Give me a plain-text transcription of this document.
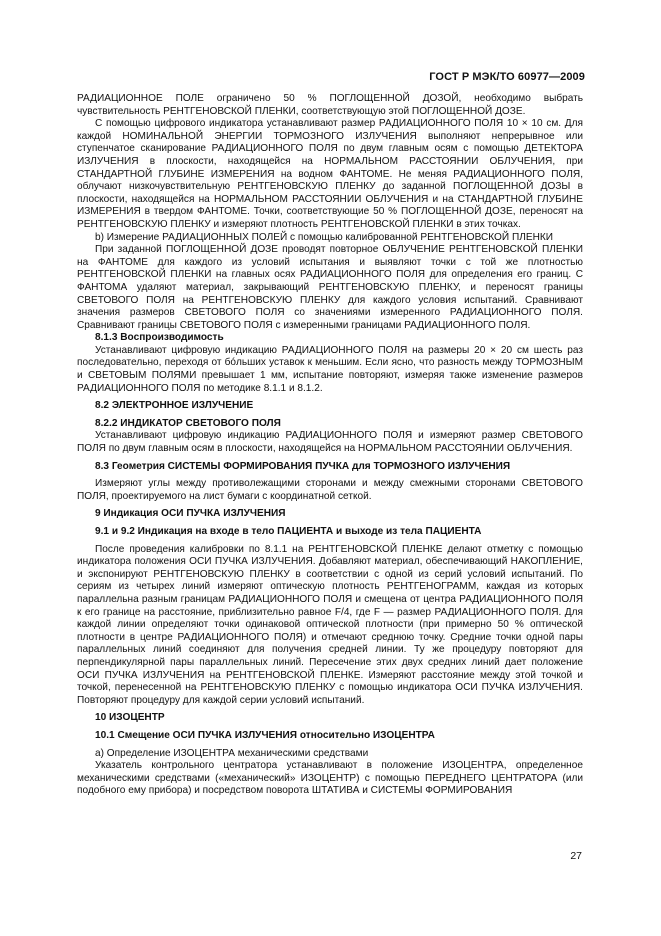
ГОСТ Р МЭК/ТО 60977—2009

РАДИАЦИОННОЕ ПОЛЕ ограничено 50 % ПОГЛОЩЕННОЙ ДОЗОЙ, необходимо выбрать чувствительность РЕНТГЕНОВСКОЙ ПЛЕНКИ, соответствующую этой ПОГЛОЩЕННОЙ ДОЗЕ.

С помощью цифрового индикатора устанавливают размер РАДИАЦИОННОГО ПОЛЯ 10 × 10 см. Для каждой НОМИНАЛЬНОЙ ЭНЕРГИИ ТОРМОЗНОГО ИЗЛУЧЕНИЯ выполняют непрерывное или ступенчатое сканирование РАДИАЦИОННОГО ПОЛЯ по двум главным осям с помощью ДЕТЕКТОРА ИЗЛУЧЕНИЯ в плоскости, находящейся на НОРМАЛЬНОМ РАССТОЯНИИ ОБЛУЧЕНИЯ, при СТАНДАРТНОЙ ГЛУБИНЕ ИЗМЕРЕНИЯ на водном ФАНТОМЕ. Не меняя РАДИАЦИОННОГО ПОЛЯ, облучают низкочувствительную РЕНТГЕНОВСКУЮ ПЛЕНКУ до заданной ПОГЛОЩЕННОЙ ДОЗЫ в плоскости, находящейся на НОРМАЛЬНОМ РАССТОЯНИИ ОБЛУЧЕНИЯ и на СТАНДАРТНОЙ ГЛУБИНЕ ИЗМЕРЕНИЯ в твердом ФАНТОМЕ. Точки, соответствующие 50 % ПОГЛОЩЕННОЙ ДОЗЕ, переносят на РЕНТГЕНОВСКУЮ ПЛЕНКУ и измеряют плотность РЕНТГЕНОВСКОЙ ПЛЕНКИ в этих точках.

b) Измерение РАДИАЦИОННЫХ ПОЛЕЙ с помощью калиброванной РЕНТГЕНОВСКОЙ ПЛЕНКИ

При заданной ПОГЛОЩЕННОЙ ДОЗЕ проводят повторное ОБЛУЧЕНИЕ РЕНТГЕНОВСКОЙ ПЛЕНКИ на ФАНТОМЕ для каждого из условий испытания и выявляют точки с той же плотностью РЕНТГЕНОВСКОЙ ПЛЕНКИ на главных осях РАДИАЦИОННОГО ПОЛЯ для определения его границ. С ФАНТОМА удаляют материал, закрывающий РЕНТГЕНОВСКУЮ ПЛЕНКУ, и переносят границы СВЕТОВОГО ПОЛЯ на РЕНТГЕНОВСКУЮ ПЛЕНКУ для каждого условия испытаний. Сравнивают значения размеров СВЕТОВОГО ПОЛЯ со значениями измеренного РАДИАЦИОННОГО ПОЛЯ. Сравнивают границы СВЕТОВОГО ПОЛЯ с измеренными границами РАДИАЦИОННОГО ПОЛЯ.

8.1.3 Воспроизводимость

Устанавливают цифровую индикацию РАДИАЦИОННОГО ПОЛЯ на размеры 20 × 20 см шесть раз последовательно, переходя от бóльших уставок к меньшим. Если ясно, что разность между ТОРМОЗНЫМ и СВЕТОВЫМ ПОЛЯМИ превышает 1 мм, испытание повторяют, измеряя также изменение размеров РАДИАЦИОННОГО ПОЛЯ по методике 8.1.1 и 8.1.2.

8.2 ЭЛЕКТРОННОЕ ИЗЛУЧЕНИЕ

8.2.2 ИНДИКАТОР СВЕТОВОГО ПОЛЯ

Устанавливают цифровую индикацию РАДИАЦИОННОГО ПОЛЯ и измеряют размер СВЕТОВОГО ПОЛЯ по двум главным осям в плоскости, находящейся на НОРМАЛЬНОМ РАССТОЯНИИ ОБЛУЧЕНИЯ.

8.3 Геометрия СИСТЕМЫ ФОРМИРОВАНИЯ ПУЧКА для ТОРМОЗНОГО ИЗЛУЧЕНИЯ

Измеряют углы между противолежащими сторонами и между смежными сторонами СВЕТОВОГО ПОЛЯ, проектируемого на лист бумаги с координатной сеткой.

9 Индикация ОСИ ПУЧКА ИЗЛУЧЕНИЯ

9.1 и 9.2 Индикация на входе в тело ПАЦИЕНТА и выходе из тела ПАЦИЕНТА

После проведения калибровки по 8.1.1 на РЕНТГЕНОВСКОЙ ПЛЕНКЕ делают отметку с помощью индикатора положения ОСИ ПУЧКА ИЗЛУЧЕНИЯ. Добавляют материал, обеспечивающий НАКОПЛЕНИЕ, и экспонируют РЕНТГЕНОВСКУЮ ПЛЕНКУ в соответствии с одной из серий условий испытаний. По сериям из четырех линий измеряют оптическую плотность РЕНТГЕНОГРАММ, каждая из которых параллельна разным границам РАДИАЦИОННОГО ПОЛЯ и смещена от центра РАДИАЦИОННОГО ПОЛЯ к его границе на расстояние, приблизительно равное F/4, где F — размер РАДИАЦИОННОГО ПОЛЯ. Для каждой линии определяют точки одинаковой оптической плотности (при примерно 50 % оптической плотности в центре РАДИАЦИОННОГО ПОЛЯ) и отмечают среднюю точку. Средние точки одной пары параллельных линий соединяют для получения средней линии. Ту же процедуру повторяют для перпендикулярной пары параллельных линий. Пересечение этих двух средних линий дает положение ОСИ ПУЧКА ИЗЛУЧЕНИЯ на РЕНТГЕНОВСКОЙ ПЛЕНКЕ. Измеряют расстояние между этой точкой и точкой, перенесенной на РЕНТГЕНОВСКУЮ ПЛЕНКУ с помощью индикатора ОСИ ПУЧКА ИЗЛУЧЕНИЯ. Повторяют процедуру для каждой серии условий испытаний.

10 ИЗОЦЕНТР

10.1 Смещение ОСИ ПУЧКА ИЗЛУЧЕНИЯ относительно ИЗОЦЕНТРА

a) Определение ИЗОЦЕНТРА механическими средствами

Указатель контрольного центратора устанавливают в положение ИЗОЦЕНТРА, определенное механическими средствами («механический» ИЗОЦЕНТР) с помощью ПЕРЕДНЕГО ЦЕНТРАТОРА (или подобного ему прибора) и посредством поворота ШТАТИВА и СИСТЕМЫ ФОРМИРОВАНИЯ

27
